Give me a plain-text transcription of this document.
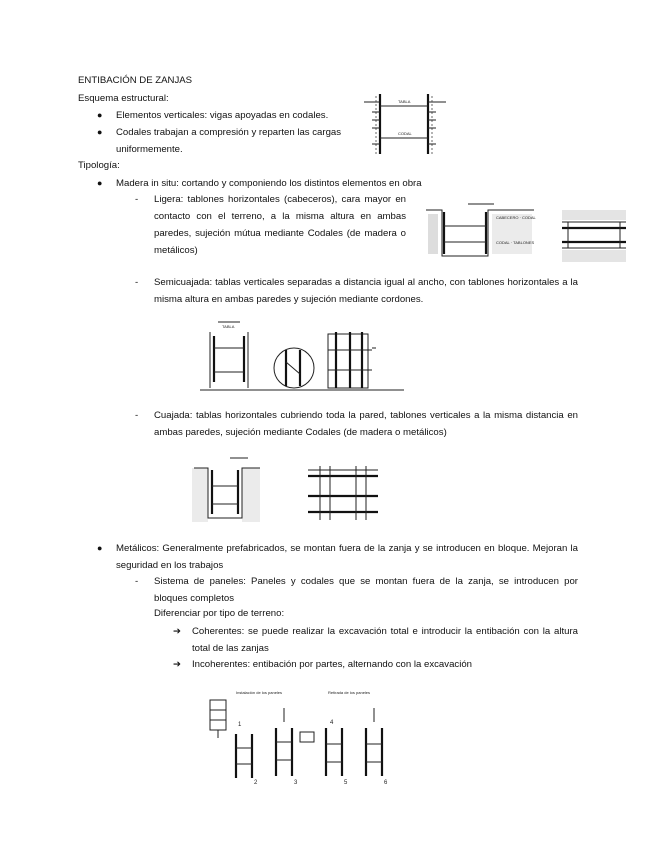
ENTIBACIÓN DE ZANJAS
Esquema estructural:
● Elementos verticales: vigas apoyadas en codales.
● Codales trabajan a compresión y reparten las cargas
uniformemente.
TABLA
CODAL
Tipología:
● Madera in situ: cortando y componiendo los distintos elementos en obra
- Ligera: tablones horizontales (cabeceros), cara mayor en
contacto con el terreno, a la misma altura en ambas
paredes, sujeción mútua mediante Codales (de madera o
metálicos)
CABECERO · CODAL
CODAL · TABLONES
- Semicuajada: tablas verticales separadas a distancia igual al ancho, con tablones horizontales a la
misma altura en ambas paredes y sujeción mediante cordones.
TABLA
- Cuajada: tablas horizontales cubriendo toda la pared, tablones verticales a la misma distancia en
ambas paredes, sujeción mediante Codales (de madera o metálicos)
● Metálicos: Generalmente prefabricados, se montan fuera de la zanja y se introducen en bloque. Mejoran la
seguridad en los trabajos
- Sistema de paneles: Paneles y codales que se montan fuera de la zanja, se introducen por
bloques completos
Diferenciar por tipo de terreno:
➔ Coherentes: se puede realizar la excavación total e introducir la entibación con la altura
total de las zanjas
➔ Incoherentes: entibación por partes, alternando con la excavación
Instalación de los paneles	Retirada de los paneles
1
2	3
4
5	6
